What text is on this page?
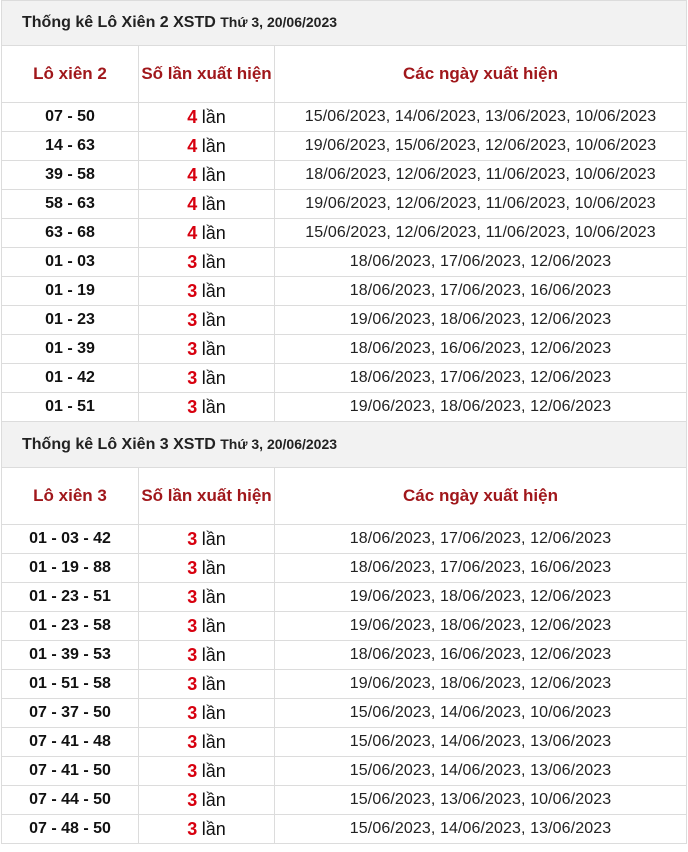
Thống kê Lô Xiên 2 XSTD Thứ 3, 20/06/2023		
Lô xiên 2	Số lần xuất hiện	Các ngày xuất hiện
07 - 50	4 lần	15/06/2023, 14/06/2023, 13/06/2023, 10/06/2023
14 - 63	4 lần	19/06/2023, 15/06/2023, 12/06/2023, 10/06/2023
39 - 58	4 lần	18/06/2023, 12/06/2023, 11/06/2023, 10/06/2023
58 - 63	4 lần	19/06/2023, 12/06/2023, 11/06/2023, 10/06/2023
63 - 68	4 lần	15/06/2023, 12/06/2023, 11/06/2023, 10/06/2023
01 - 03	3 lần	18/06/2023, 17/06/2023, 12/06/2023
01 - 19	3 lần	18/06/2023, 17/06/2023, 16/06/2023
01 - 23	3 lần	19/06/2023, 18/06/2023, 12/06/2023
01 - 39	3 lần	18/06/2023, 16/06/2023, 12/06/2023
01 - 42	3 lần	18/06/2023, 17/06/2023, 12/06/2023
01 - 51	3 lần	19/06/2023, 18/06/2023, 12/06/2023
Thống kê Lô Xiên 3 XSTD Thứ 3, 20/06/2023		
Lô xiên 3	Số lần xuất hiện	Các ngày xuất hiện
01 - 03 - 42	3 lần	18/06/2023, 17/06/2023, 12/06/2023
01 - 19 - 88	3 lần	18/06/2023, 17/06/2023, 16/06/2023
01 - 23 - 51	3 lần	19/06/2023, 18/06/2023, 12/06/2023
01 - 23 - 58	3 lần	19/06/2023, 18/06/2023, 12/06/2023
01 - 39 - 53	3 lần	18/06/2023, 16/06/2023, 12/06/2023
01 - 51 - 58	3 lần	19/06/2023, 18/06/2023, 12/06/2023
07 - 37 - 50	3 lần	15/06/2023, 14/06/2023, 10/06/2023
07 - 41 - 48	3 lần	15/06/2023, 14/06/2023, 13/06/2023
07 - 41 - 50	3 lần	15/06/2023, 14/06/2023, 13/06/2023
07 - 44 - 50	3 lần	15/06/2023, 13/06/2023, 10/06/2023
07 - 48 - 50	3 lần	15/06/2023, 14/06/2023, 13/06/2023
